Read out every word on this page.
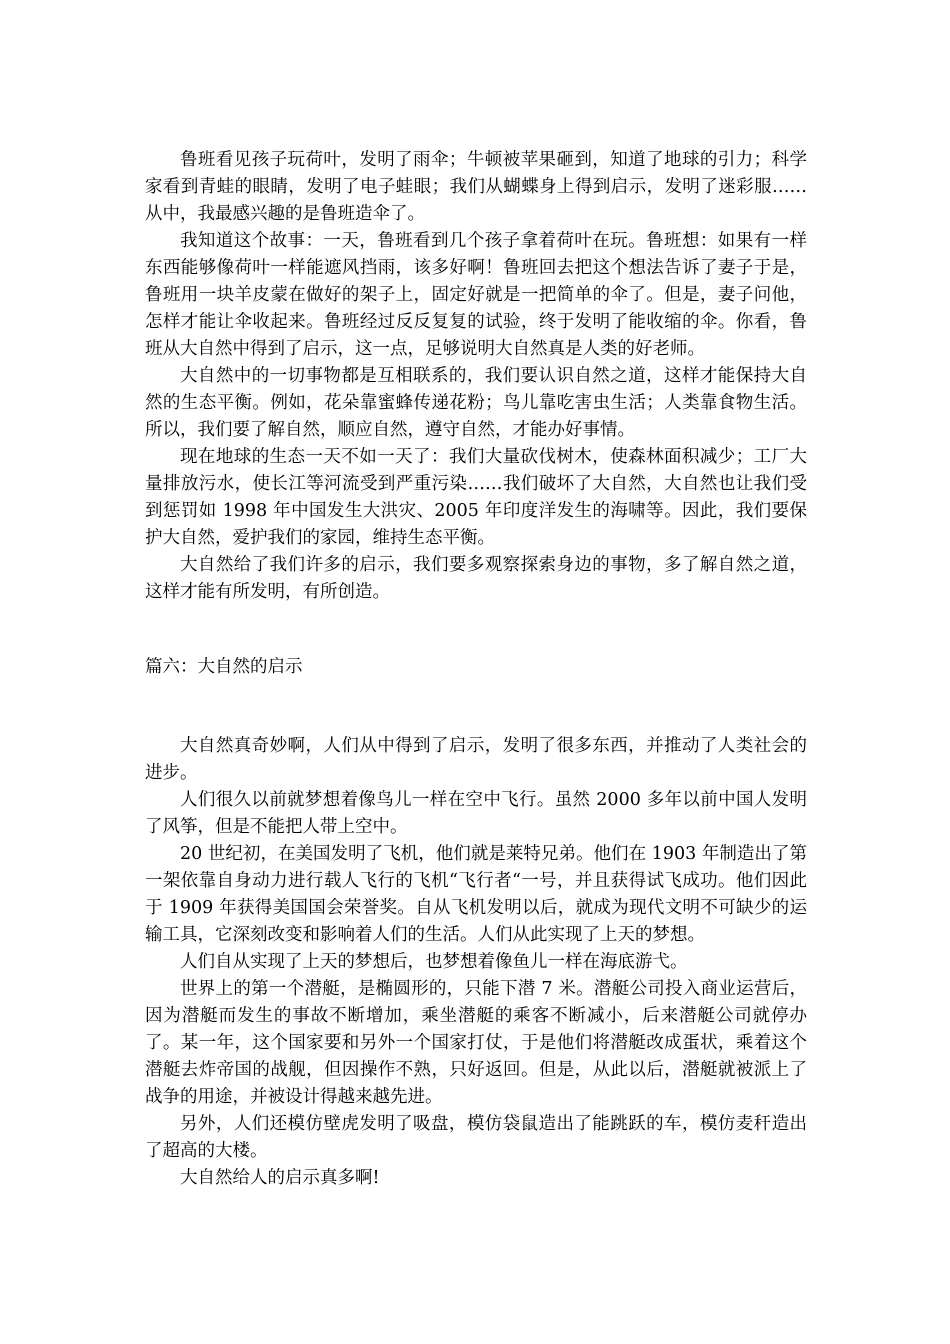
鲁班看见孩子玩荷叶，发明了雨伞；牛顿被苹果砸到，知道了地球的引力；科学家看到青蛙的眼睛，发明了电子蛙眼；我们从蝴蝶身上得到启示，发明了迷彩服……从中，我最感兴趣的是鲁班造伞了。

我知道这个故事：一天，鲁班看到几个孩子拿着荷叶在玩。鲁班想：如果有一样东西能够像荷叶一样能遮风挡雨，该多好啊！鲁班回去把这个想法告诉了妻子于是，鲁班用一块羊皮蒙在做好的架子上，固定好就是一把简单的伞了。但是，妻子问他，怎样才能让伞收起来。鲁班经过反反复复的试验，终于发明了能收缩的伞。你看，鲁班从大自然中得到了启示，这一点，足够说明大自然真是人类的好老师。

大自然中的一切事物都是互相联系的，我们要认识自然之道，这样才能保持大自然的生态平衡。例如，花朵靠蜜蜂传递花粉；鸟儿靠吃害虫生活；人类靠食物生活。所以，我们要了解自然，顺应自然，遵守自然，才能办好事情。

现在地球的生态一天不如一天了：我们大量砍伐树木，使森林面积减少；工厂大量排放污水，使长江等河流受到严重污染……我们破坏了大自然，大自然也让我们受到惩罚如 1998 年中国发生大洪灾、2005 年印度洋发生的海啸等。因此，我们要保护大自然，爱护我们的家园，维持生态平衡。

大自然给了我们许多的启示，我们要多观察探索身边的事物，多了解自然之道，这样才能有所发明，有所创造。

篇六：大自然的启示

大自然真奇妙啊，人们从中得到了启示，发明了很多东西，并推动了人类社会的进步。

人们很久以前就梦想着像鸟儿一样在空中飞行。虽然 2000 多年以前中国人发明了风筝，但是不能把人带上空中。

20 世纪初，在美国发明了飞机，他们就是莱特兄弟。他们在 1903 年制造出了第一架依靠自身动力进行载人飞行的飞机“飞行者“一号，并且获得试飞成功。他们因此于 1909 年获得美国国会荣誉奖。自从飞机发明以后，就成为现代文明不可缺少的运输工具，它深刻改变和影响着人们的生活。人们从此实现了上天的梦想。

人们自从实现了上天的梦想后，也梦想着像鱼儿一样在海底游弋。

世界上的第一个潜艇，是椭圆形的，只能下潜 7 米。潜艇公司投入商业运营后，因为潜艇而发生的事故不断增加，乘坐潜艇的乘客不断减小，后来潜艇公司就停办了。某一年，这个国家要和另外一个国家打仗，于是他们将潜艇改成蛋状，乘着这个潜艇去炸帝国的战舰，但因操作不熟，只好返回。但是，从此以后，潜艇就被派上了战争的用途，并被设计得越来越先进。

另外，人们还模仿壁虎发明了吸盘，模仿袋鼠造出了能跳跃的车，模仿麦秆造出了超高的大楼。

大自然给人的启示真多啊!
